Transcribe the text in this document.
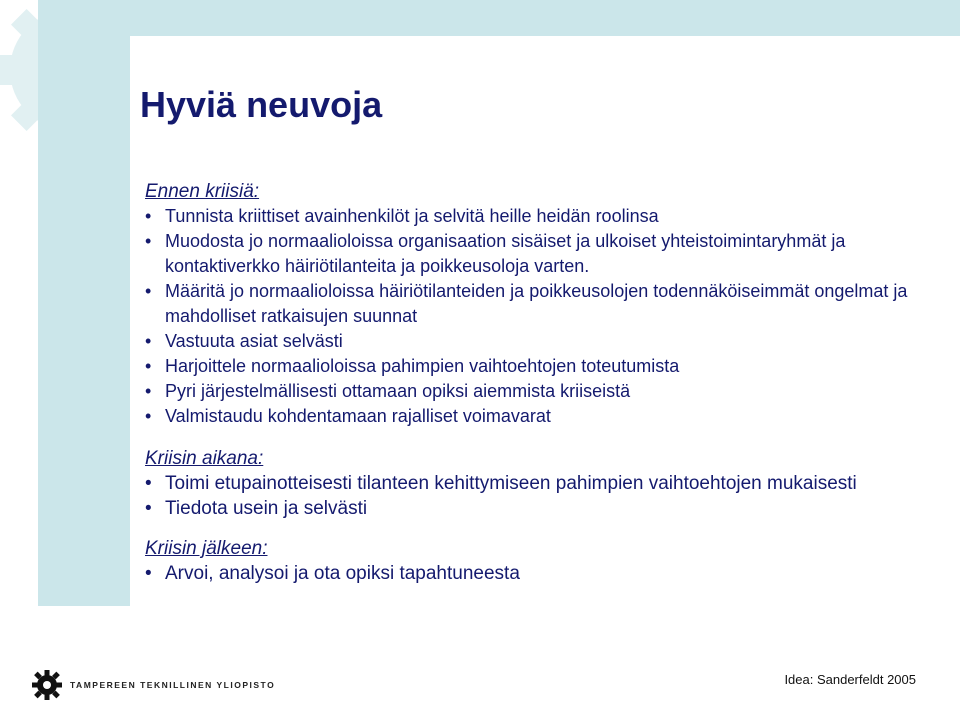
Hyviä neuvoja
Ennen kriisiä:
• Tunnista kriittiset avainhenkilöt ja selvitä heille heidän roolinsa
• Muodosta jo normaalioloissa organisaation sisäiset ja ulkoiset yhteistoimintaryhmät ja kontaktiverkko häiriötilanteita ja poikkeusoloja varten.
• Määritä jo normaalioloissa häiriötilanteiden ja poikkeusolojen todennäköiseimmät ongelmat ja mahdolliset ratkaisujen suunnat
• Vastuuta asiat selvästi
• Harjoittele normaalioloissa pahimpien vaihtoehtojen toteutumista
• Pyri järjestelmällisesti ottamaan opiksi aiemmista kriiseistä
• Valmistaudu kohdentamaan rajalliset voimavarat
Kriisin aikana:
• Toimi etupainotteisesti tilanteen kehittymiseen pahimpien vaihtoehtojen mukaisesti
• Tiedota usein ja selvästi
Kriisin jälkeen:
• Arvoi, analysoi ja ota opiksi tapahtuneesta
TAMPEREEN TEKNILLINEN YLIOPISTO	Idea: Sanderfeldt 2005
